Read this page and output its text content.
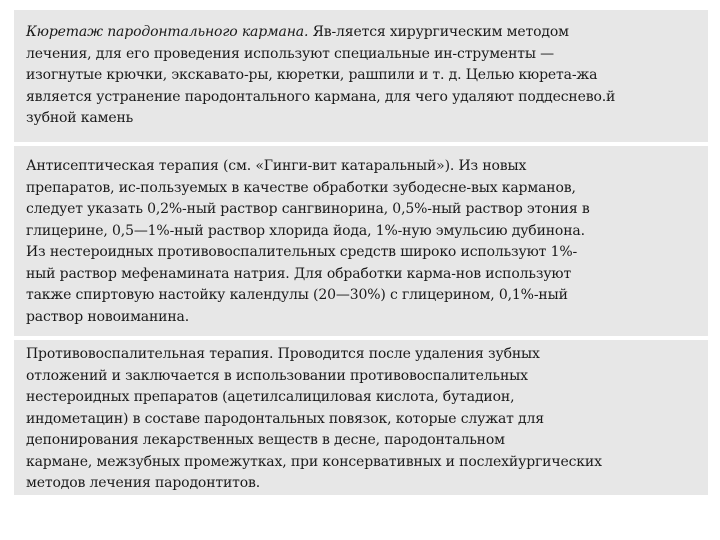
Кюретаж пародонтального кармана. Яв-ляется хирургическим методом
лечения, для его проведения используют специальные ин-струменты —
изогнутые крючки, экскавато-ры, кюретки, рашпили и т. д. Целью кюрета-жа
является устранение пародонтального кармана, для чего удаляют поддеснево.й
зубной камень

Антисептическая терапия (см. «Гинги-вит катаральный»). Из новых
препаратов, ис-пользуемых в качестве обработки зубодесне-вых карманов,
следует указать 0,2%-ный раствор сангвинорина, 0,5%-ный раствор этония в
глицерине, 0,5—1%-ный раствор хлорида йода, 1%-ную эмульсию дубинона.
Из нестероидных противовоспалительных средств широко используют 1%-
ный раствор мефенамината натрия. Для обработки карма-нов используют
также спиртовую настойку календулы (20—30%) с глицерином, 0,1%-ный
раствор новоиманина.

Противовоспалительная терапия. Проводится после удаления зубных
отложений и заключается в использовании противовоспалительных
нестероидных препаратов (ацетилсалициловая кислота, бутадион,
индометацин) в составе пародонтальных повязок, которые служат для
депонирования лекарственных веществ в десне, пародонтальном
кармане, межзубных промежутках, при консервативных и послехйургических
методов лечения пародонтитов.
